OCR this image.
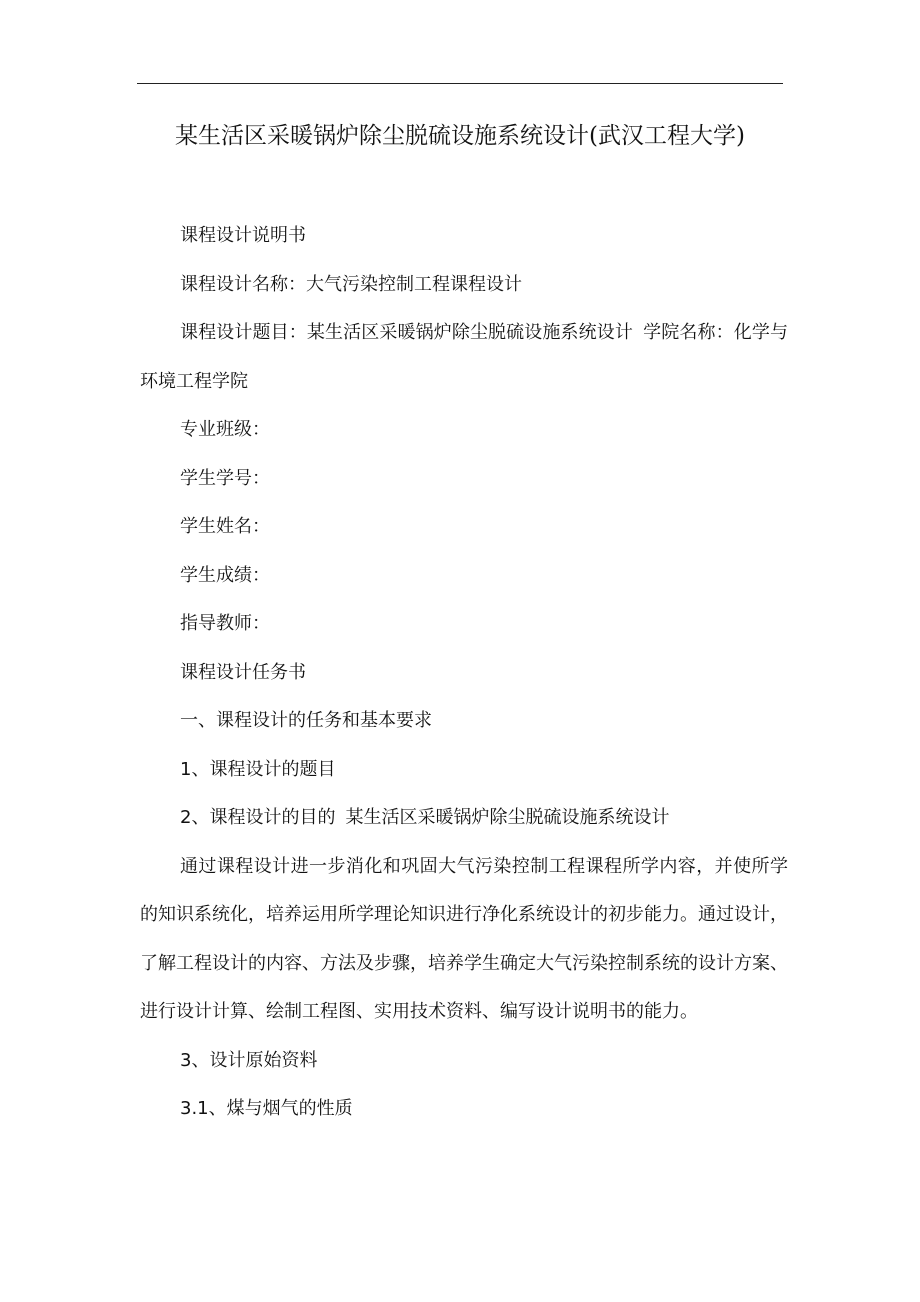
某生活区采暖锅炉除尘脱硫设施系统设计(武汉工程大学)

课程设计说明书

课程设计名称：大气污染控制工程课程设计

课程设计题目：某生活区采暖锅炉除尘脱硫设施系统设计 学院名称：化学与环境工程学院

专业班级：

学生学号：

学生姓名：

学生成绩：

指导教师：

课程设计任务书

一、课程设计的任务和基本要求

1、课程设计的题目

2、课程设计的目的 某生活区采暖锅炉除尘脱硫设施系统设计

通过课程设计进一步消化和巩固大气污染控制工程课程所学内容，并使所学的知识系统化，培养运用所学理论知识进行净化系统设计的初步能力。通过设计，了解工程设计的内容、方法及步骤，培养学生确定大气污染控制系统的设计方案、进行设计计算、绘制工程图、实用技术资料、编写设计说明书的能力。

3、设计原始资料

3.1、煤与烟气的性质
